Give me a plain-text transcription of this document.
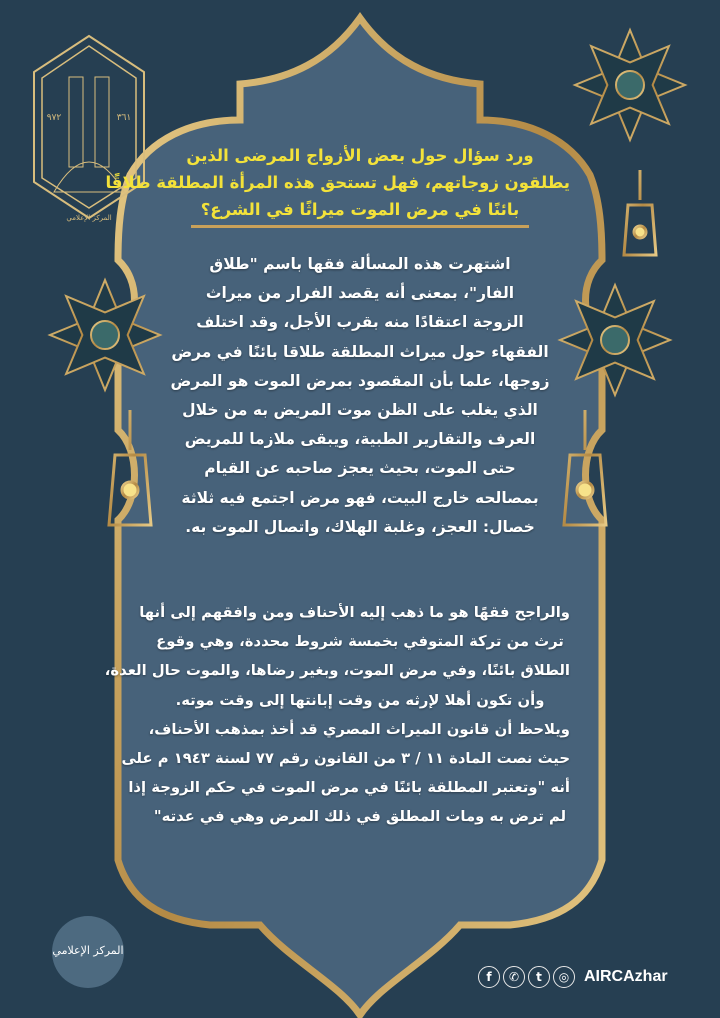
٩٧٢	٣٦١
المركز الإعلامي
ورد سؤال حول بعض الأزواج المرضى الذين
يطلقون زوجاتهم، فهل تستحق هذه المرأة المطلقة طلاقًا
بائنًا في مرض الموت ميراثًا في الشرع؟
اشتهرت هذه المسألة فقها باسم "طلاق
الفار"، بمعنى أنه يقصد الفرار من ميراث
الزوجة اعتقادًا منه بقرب الأجل، وقد اختلف
الفقهاء حول ميراث المطلقة طلاقا بائنًا في مرض
زوجها، علما بأن المقصود بمرض الموت هو المرض
الذي يغلب على الظن موت المريض به من خلال
العرف والتقارير الطبية، ويبقى ملازما للمريض
حتى الموت، بحيث يعجز صاحبه عن القيام
بمصالحه خارج البيت، فهو مرض اجتمع فيه ثلاثة
خصال: العجز، وغلبة الهلاك، واتصال الموت به.
والراجح فقهًا هو ما ذهب إليه الأحناف ومن وافقهم إلى أنها
ترث من تركة المتوفي بخمسة شروط محددة، وهي وقوع
الطلاق بائنًا، وفي مرض الموت، وبغير رضاها، والموت حال العدة،
وأن تكون أهلا لإرثه من وقت إبانتها إلى وقت موته.
ويلاحظ أن قانون الميراث المصري قد أخذ بمذهب الأحناف،
حيث نصت المادة ١١ / ٣ من القانون رقم ٧٧ لسنة ١٩٤٣ م على
أنه "وتعتبر المطلقة بائنًا في مرض الموت في حكم الزوجة إذا
لم ترض به ومات المطلق في ذلك المرض وهي في عدته"
المركز الإعلامي
f	✆	t	◎ AIRCAzhar
